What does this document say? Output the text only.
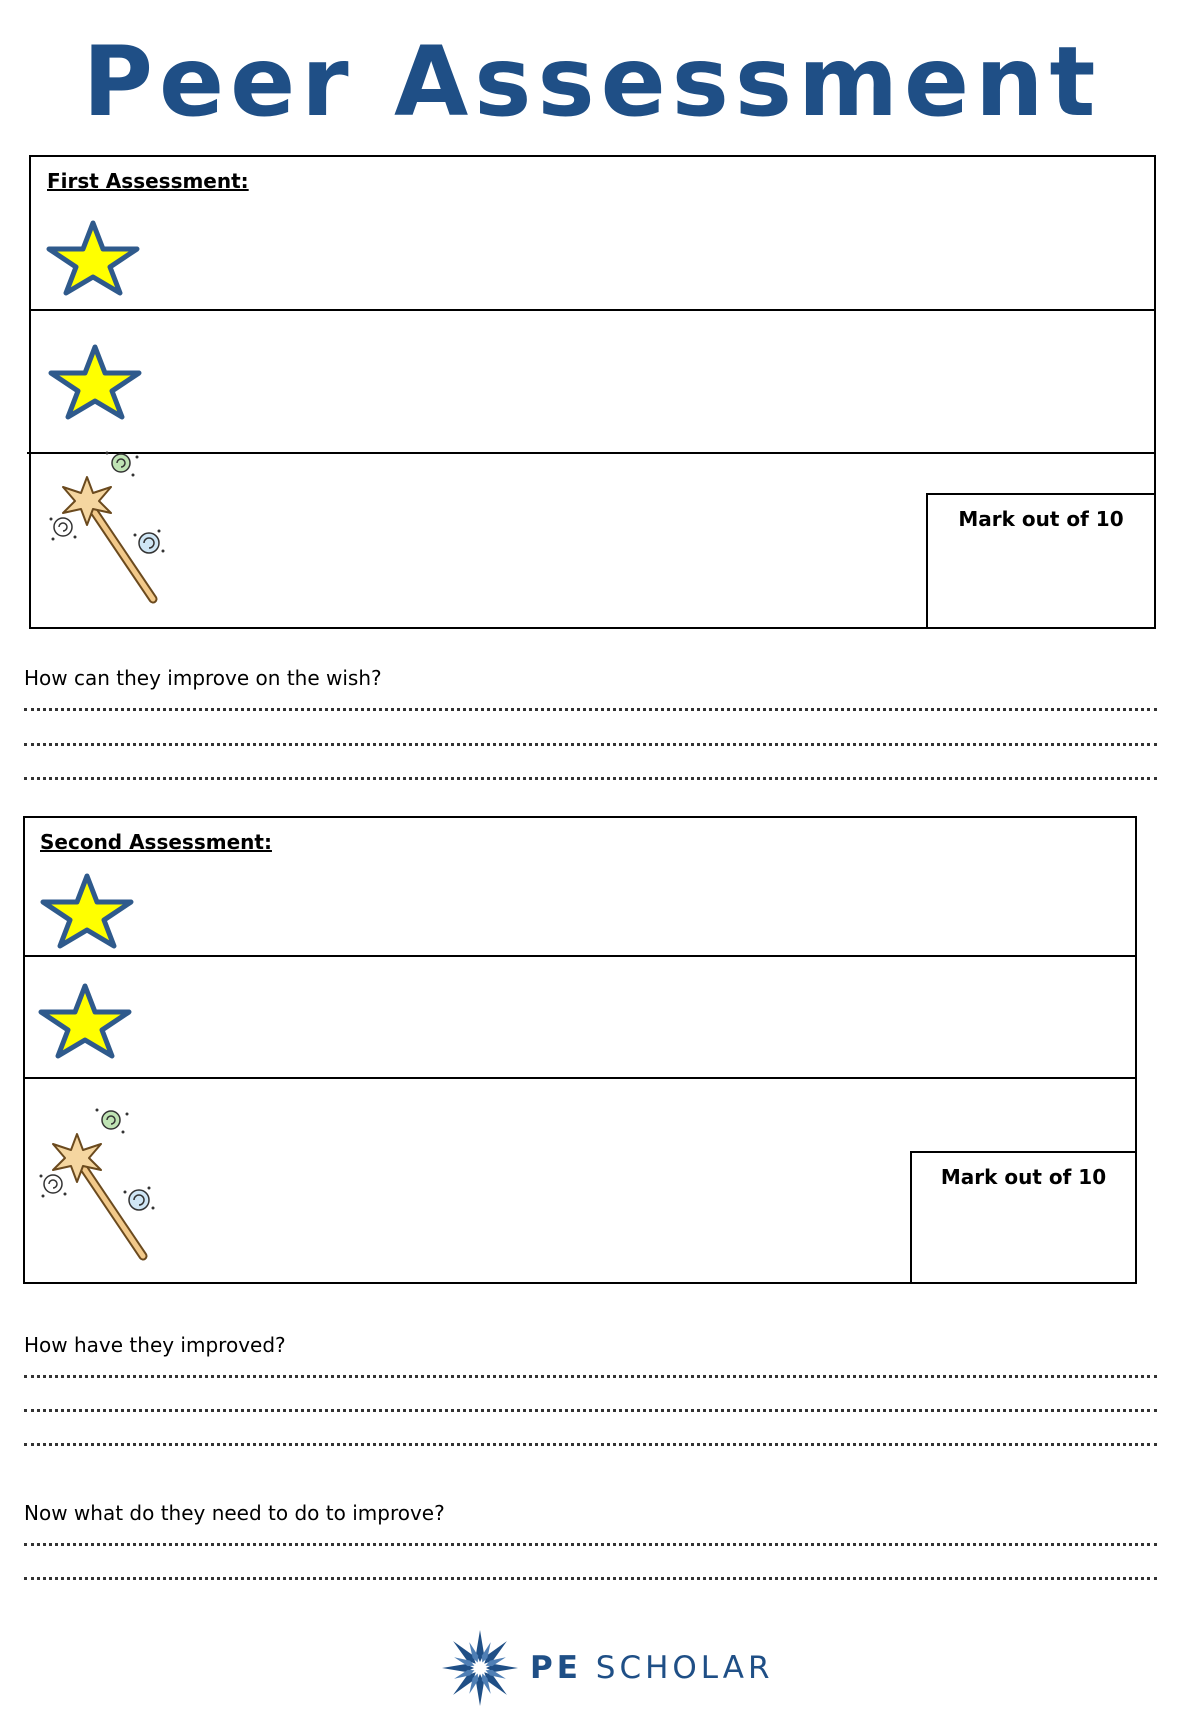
Peer Assessment
First Assessment:
Mark out of 10
How can they improve on the wish?
Second Assessment:
Mark out of 10
How have they improved?
Now what do they need to do to improve?
PE SCHOLAR
